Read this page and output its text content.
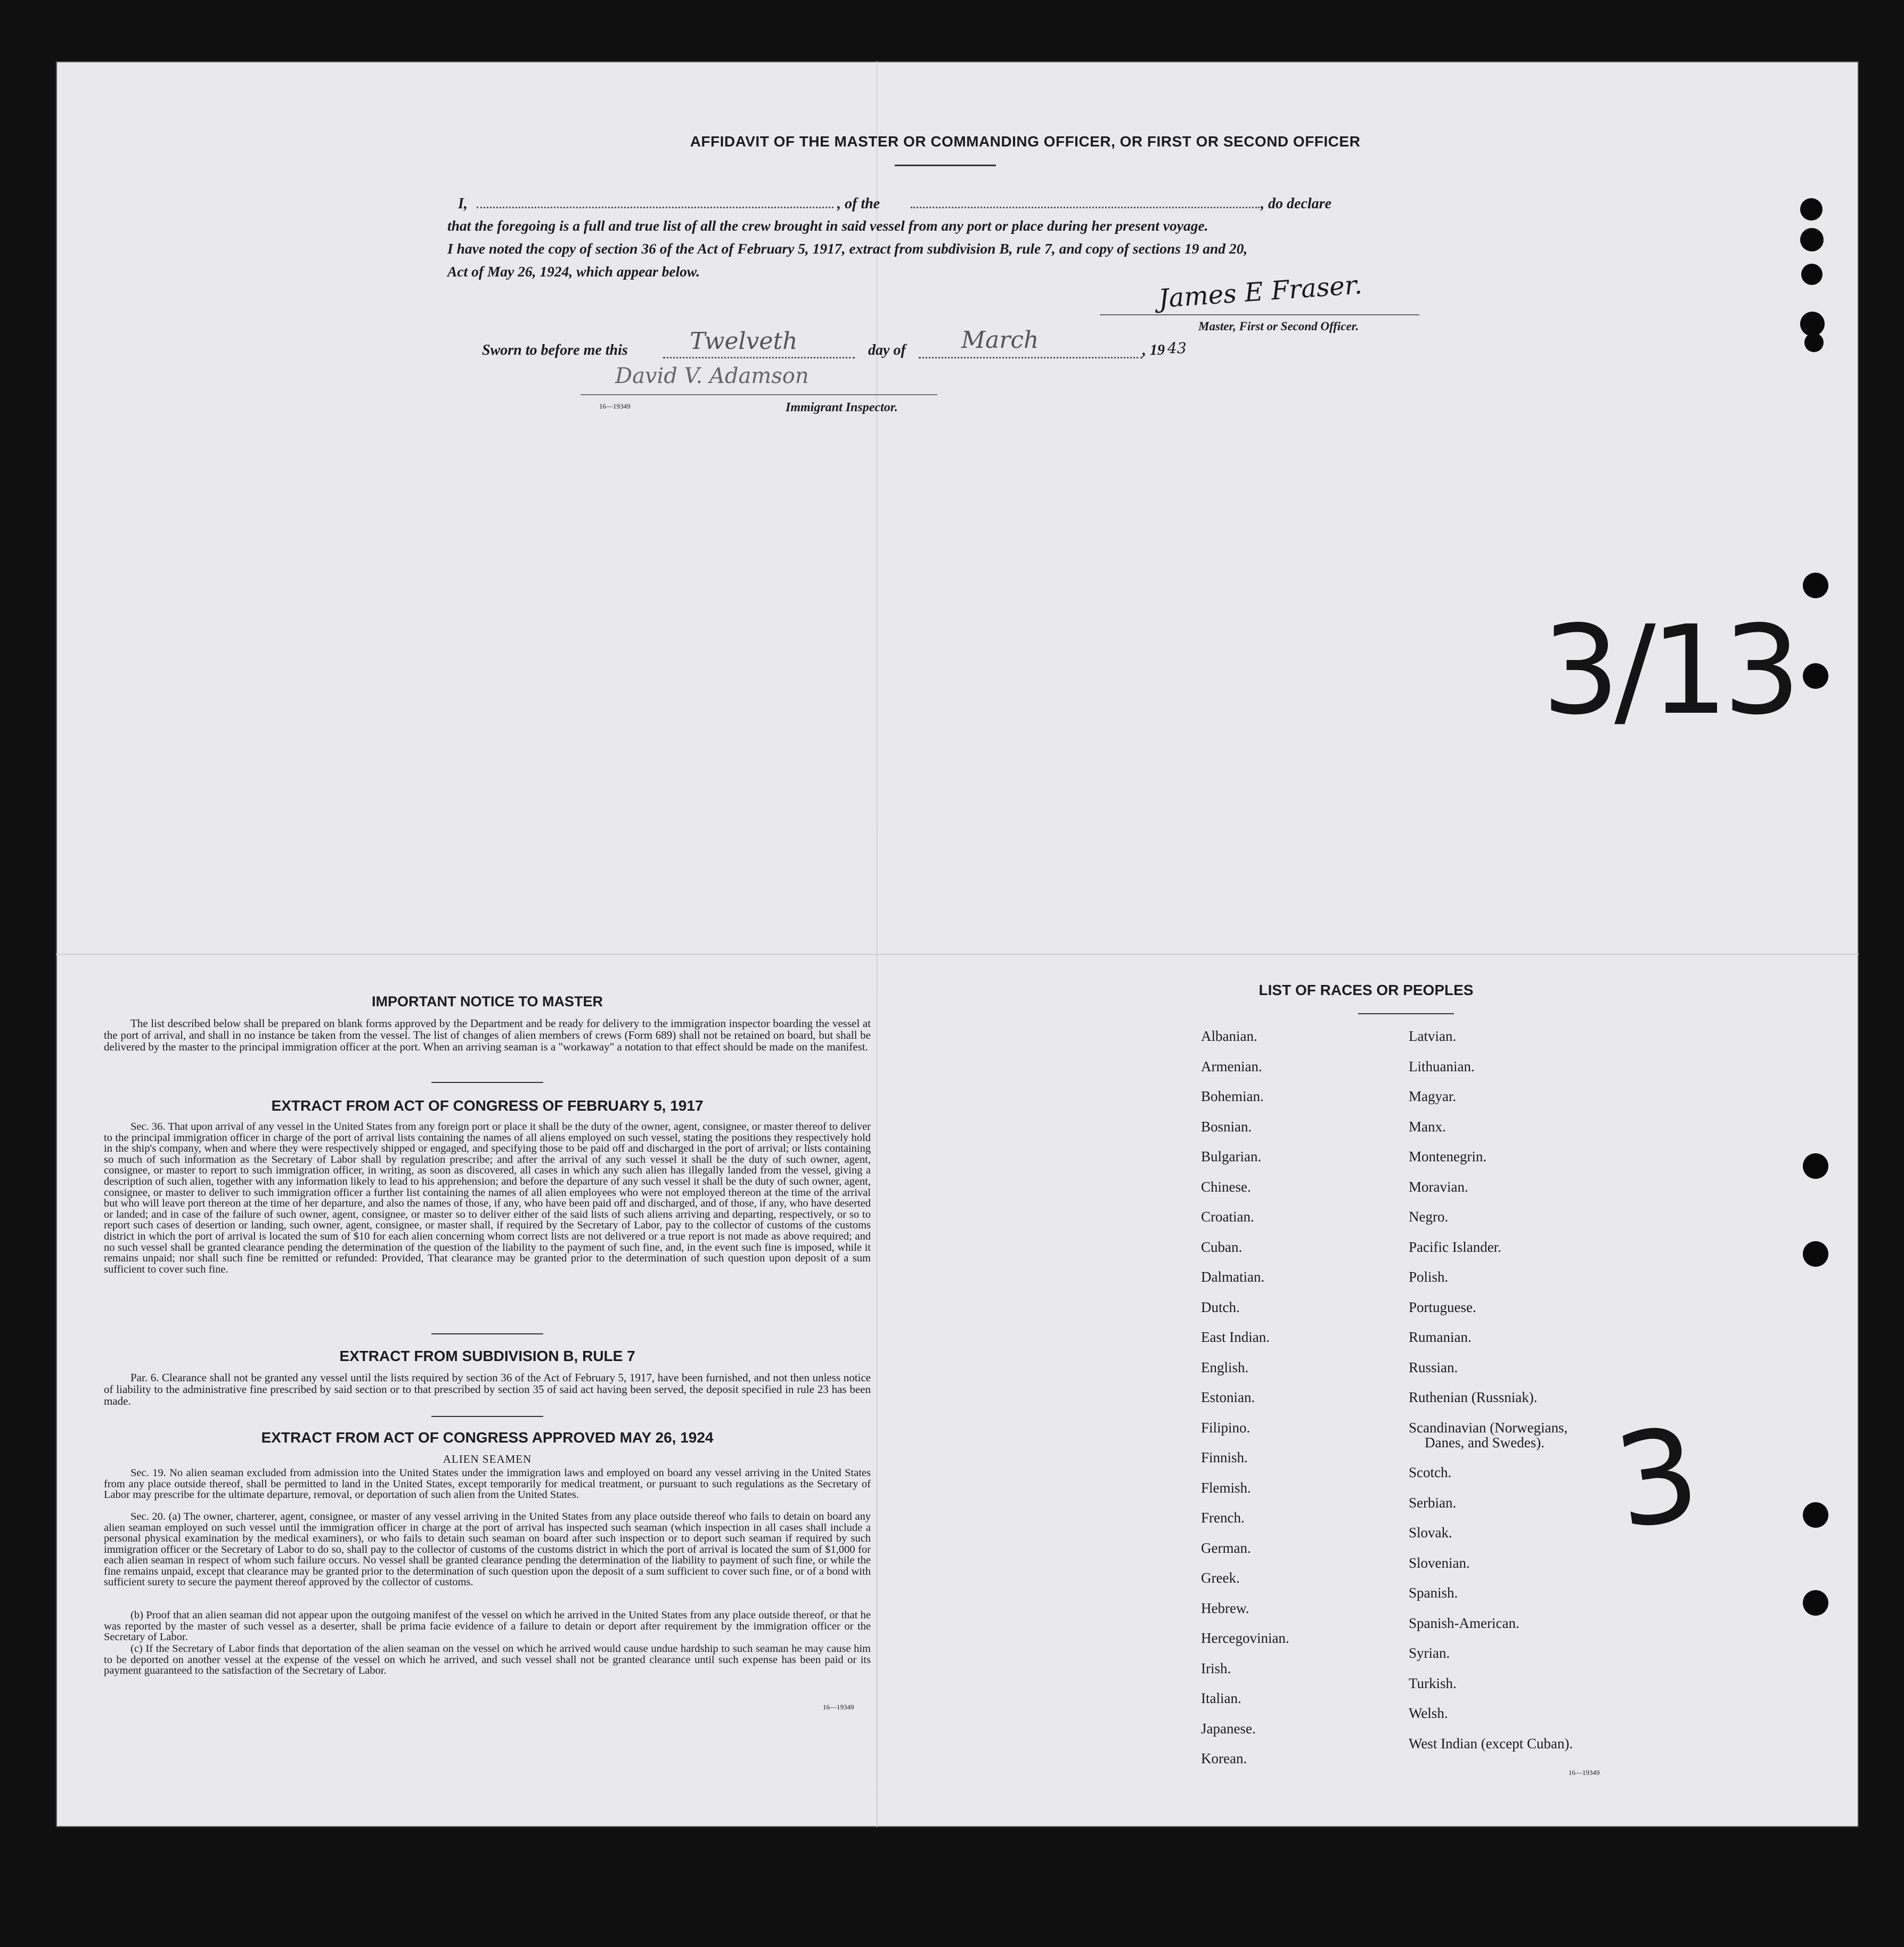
AFFIDAVIT OF THE MASTER OR COMMANDING OFFICER, OR FIRST OR SECOND OFFICER
I,	, of the	, do declare
that the foregoing is a full and true list of all the crew brought in said vessel from any port or place during her present voyage.
I have noted the copy of section 36 of the Act of February 5, 1917, extract from subdivision B, rule 7, and copy of sections 19 and 20,
Act of May 26, 1924, which appear below.	James E Fraser.
Master, First or Second Officer.
Sworn to before me this	Twelveth	day of March	, 19 43
David V. Adamson
16—19349	Immigrant Inspector.
3/13
3
IMPORTANT NOTICE TO MASTER
The list described below shall be prepared on blank forms approved by the Department and be ready for delivery to the immigration inspector boarding the vessel at the port of arrival, and shall in no instance be taken from the vessel. The list of changes of alien members of crews (Form 689) shall not be retained on board, but shall be delivered by the master to the principal immigration officer at the port. When an arriving seaman is a "workaway" a notation to that effect should be made on the manifest.
EXTRACT FROM ACT OF CONGRESS OF FEBRUARY 5, 1917
Sec. 36. That upon arrival of any vessel in the United States from any foreign port or place it shall be the duty of the owner, agent, consignee, or master thereof to deliver to the principal immigration officer in charge of the port of arrival lists containing the names of all aliens employed on such vessel, stating the positions they respectively hold in the ship's company, when and where they were respectively shipped or engaged, and specifying those to be paid off and discharged in the port of arrival; or lists containing so much of such information as the Secretary of Labor shall by regulation prescribe; and after the arrival of any such vessel it shall be the duty of such owner, agent, consignee, or master to report to such immigration officer, in writing, as soon as discovered, all cases in which any such alien has illegally landed from the vessel, giving a description of such alien, together with any information likely to lead to his apprehension; and before the departure of any such vessel it shall be the duty of such owner, agent, consignee, or master to deliver to such immigration officer a further list containing the names of all alien employees who were not employed thereon at the time of the arrival but who will leave port thereon at the time of her departure, and also the names of those, if any, who have been paid off and discharged, and of those, if any, who have deserted or landed; and in case of the failure of such owner, agent, consignee, or master so to deliver either of the said lists of such aliens arriving and departing, respectively, or so to report such cases of desertion or landing, such owner, agent, consignee, or master shall, if required by the Secretary of Labor, pay to the collector of customs of the customs district in which the port of arrival is located the sum of $10 for each alien concerning whom correct lists are not delivered or a true report is not made as above required; and no such vessel shall be granted clearance pending the determination of the question of the liability to the payment of such fine, and, in the event such fine is imposed, while it remains unpaid; nor shall such fine be remitted or refunded: Provided, That clearance may be granted prior to the determination of such question upon deposit of a sum sufficient to cover such fine.
EXTRACT FROM SUBDIVISION B, RULE 7
Par. 6. Clearance shall not be granted any vessel until the lists required by section 36 of the Act of February 5, 1917, have been furnished, and not then unless notice of liability to the administrative fine prescribed by said section or to that prescribed by section 35 of said act having been served, the deposit specified in rule 23 has been made.
EXTRACT FROM ACT OF CONGRESS APPROVED MAY 26, 1924
ALIEN SEAMEN
Sec. 19. No alien seaman excluded from admission into the United States under the immigration laws and employed on board any vessel arriving in the United States from any place outside thereof, shall be permitted to land in the United States, except temporarily for medical treatment, or pursuant to such regulations as the Secretary of Labor may prescribe for the ultimate departure, removal, or deportation of such alien from the United States.
Sec. 20. (a) The owner, charterer, agent, consignee, or master of any vessel arriving in the United States from any place outside thereof who fails to detain on board any alien seaman employed on such vessel until the immigration officer in charge at the port of arrival has inspected such seaman (which inspection in all cases shall include a personal physical examination by the medical examiners), or who fails to detain such seaman on board after such inspection or to deport such seaman if required by such immigration officer or the Secretary of Labor to do so, shall pay to the collector of customs of the customs district in which the port of arrival is located the sum of $1,000 for each alien seaman in respect of whom such failure occurs. No vessel shall be granted clearance pending the determination of the liability to payment of such fine, or while the fine remains unpaid, except that clearance may be granted prior to the determination of such question upon the deposit of a sum sufficient to cover such fine, or of a bond with sufficient surety to secure the payment thereof approved by the collector of customs.
(b) Proof that an alien seaman did not appear upon the outgoing manifest of the vessel on which he arrived in the United States from any place outside thereof, or that he was reported by the master of such vessel as a deserter, shall be prima facie evidence of a failure to detain or deport after requirement by the immigration officer or the Secretary of Labor.
(c) If the Secretary of Labor finds that deportation of the alien seaman on the vessel on which he arrived would cause undue hardship to such seaman he may cause him to be deported on another vessel at the expense of the vessel on which he arrived, and such vessel shall not be granted clearance until such expense has been paid or its payment guaranteed to the satisfaction of the Secretary of Labor.
16—19349
LIST OF RACES OR PEOPLES
Albanian.
Armenian.
Bohemian.
Bosnian.
Bulgarian.
Chinese.
Croatian.
Cuban.
Dalmatian.
Dutch.
East Indian.
English.
Estonian.
Filipino.
Finnish.
Flemish.
French.
German.
Greek.
Hebrew.
Hercegovinian.
Irish.
Italian.
Japanese.
Korean.
Latvian.
Lithuanian.
Magyar.
Manx.
Montenegrin.
Moravian.
Negro.
Pacific Islander.
Polish.
Portuguese.
Rumanian.
Russian.
Ruthenian (Russniak).
Scandinavian (Norwegians,
Danes, and Swedes).
Scotch.
Serbian.
Slovak.
Slovenian.
Spanish.
Spanish-American.
Syrian.
Turkish.
Welsh.
West Indian (except Cuban).
16—19349
